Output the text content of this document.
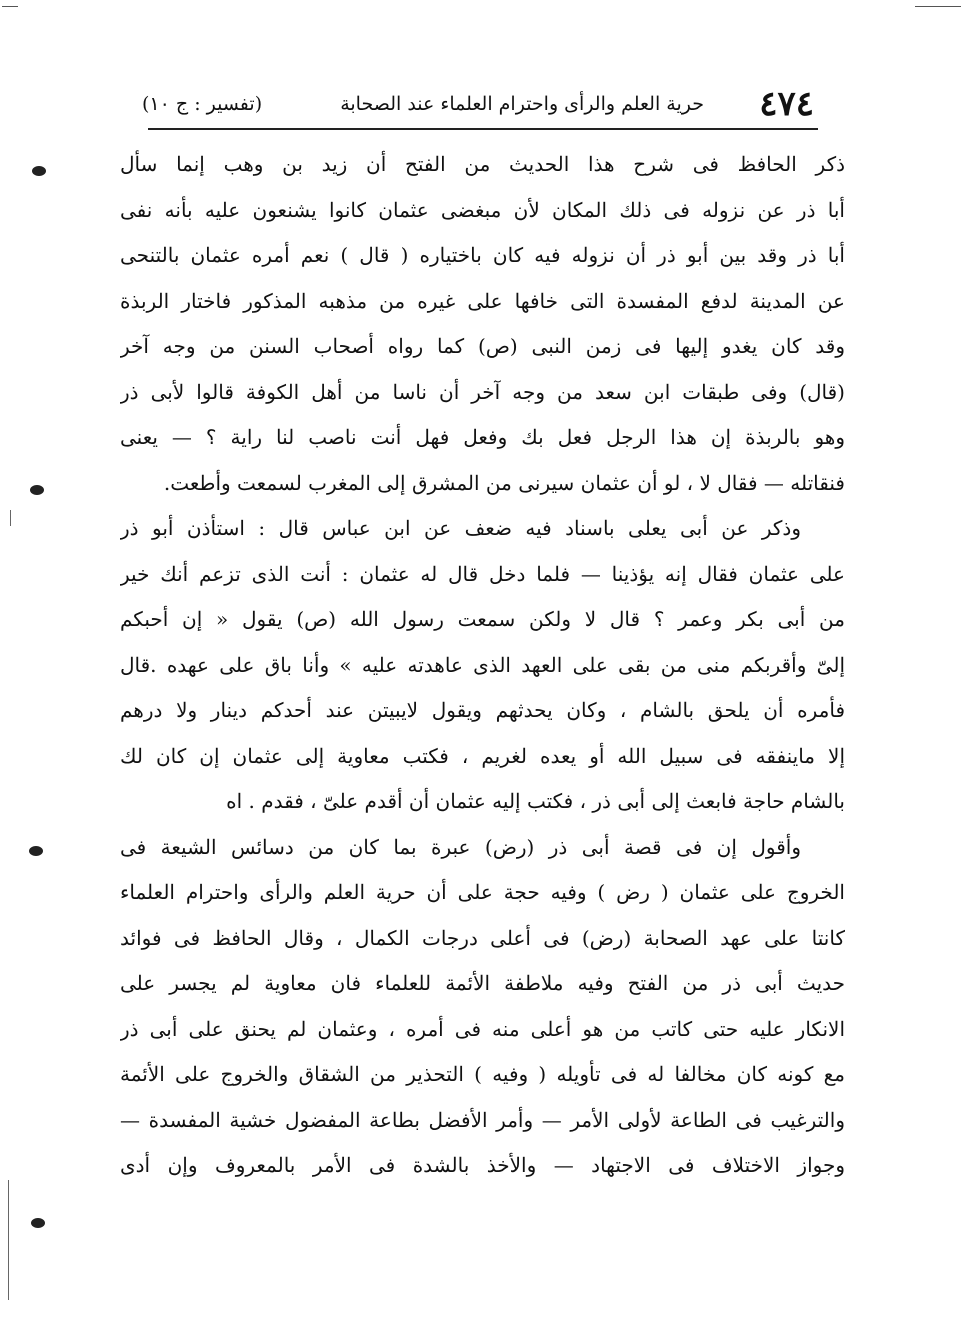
٤٧٤
حرية العلم والرأى واحترام العلماء عند الصحابة
(تفسير : ج ١٠)
ذكر الحافظ فى شرح هذا الحديث من الفتح أن زيد بن وهب إنما سأل
أبا ذر عن نزوله فى ذلك المكان لأن مبغضى عثمان كانوا يشنعون عليه بأنه نفى
أبا ذر وقد بين أبو ذر أن نزوله فيه كان باختياره ( قال ) نعم أمره عثمان بالتنحى
عن المدينة لدفع المفسدة التى خافها على غيره من مذهبه المذكور فاختار الربذة
وقد كان يغدو إليها فى زمن النبى (ص) كما رواه أصحاب السنن من وجه آخر
(قال) وفى طبقات ابن سعد من وجه آخر أن ناسا من أهل الكوفة قالوا لأبى ذر
وهو بالربذة إن هذا الرجل فعل بك وفعل فهل أنت ناصب لنا راية ؟ — يعنى
فنقاتله — فقال لا ، لو أن عثمان سيرنى من المشرق إلى المغرب لسمعت وأطعت.
وذكر عن أبى يعلى باسناد فيه ضعف عن ابن عباس قال : استأذن أبو ذر
على عثمان فقال إنه يؤذينا — فلما دخل قال له عثمان : أنت الذى تزعم أنك خير
من أبى بكر وعمر ؟ قال لا ولكن سمعت رسول الله (ص) يقول « إن أحبكم
إلىّ وأقربكم منى من بقى على العهد الذى عاهدته عليه » وأنا باق على عهده .قال
فأمره أن يلحق بالشام ، وكان يحدثهم ويقول لايبيتن عند أحدكم دينار ولا درهم
إلا ماينفقه فى سبيل الله أو يعده لغريم ، فكتب معاوية إلى عثمان إن كان لك
بالشام حاجة فابعث إلى أبى ذر ، فكتب إليه عثمان أن أقدم علىّ ، فقدم . اه
وأقول إن فى قصة أبى ذر (رض) عبرة بما كان من دسائس الشيعة فى
الخروج على عثمان ( رض ) وفيه حجة على أن حرية العلم والرأى واحترام العلماء
كانتا على عهد الصحابة (رض) فى أعلى درجات الكمال ، وقال الحافظ فى فوائد
حديث أبى ذر من الفتح وفيه ملاطفة الأئمة للعلماء فان معاوية لم يجسر على
الانكار عليه حتى كاتب من هو أعلى منه فى أمره ، وعثمان لم يحنق على أبى ذر
مع كونه كان مخالفا له فى تأويله ( وفيه ) التحذير من الشقاق والخروج على الأئمة
والترغيب فى الطاعة لأولى الأمر — وأمر الأفضل بطاعة المفضول خشية المفسدة —
وجواز الاختلاف فى الاجتهاد — والأخذ بالشدة فى الأمر بالمعروف وإن أدى
